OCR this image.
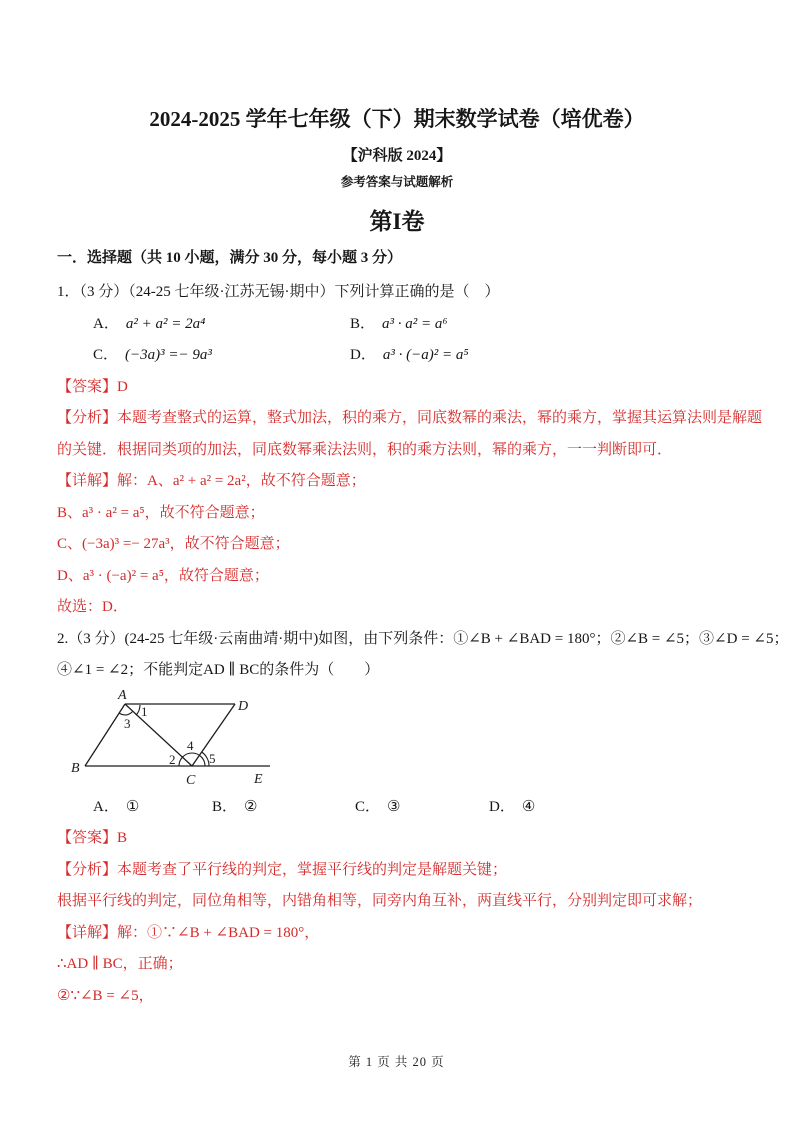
2024-2025 学年七年级（下）期末数学试卷（培优卷）
【沪科版 2024】
参考答案与试题解析
第I卷
一．选择题（共 10 小题，满分 30 分，每小题 3 分）
1．（3 分）（24-25 七年级·江苏无锡·期中）下列计算正确的是（　）
A． a² + a² = 2a⁴	B． a³ · a² = a⁶
C． (−3a)³ =− 9a³	D． a³ · (−a)² = a⁵
【答案】D
【分析】本题考查整式的运算，整式加法，积的乘方，同底数幂的乘法，幂的乘方，掌握其运算法则是解题
的关键．根据同类项的加法，同底数幂乘法法则，积的乘方法则，幂的乘方，一一判断即可．
【详解】解：A、a² + a² = 2a²，故不符合题意；
B、a³ · a² = a⁵，故不符合题意；
C、(−3a)³ =− 27a³，故不符合题意；
D、a³ · (−a)² = a⁵，故符合题意；
故选：D．
2.（3 分）(24-25 七年级·云南曲靖·期中)如图，由下列条件：①∠B + ∠BAD = 180°；②∠B = ∠5；③∠D = ∠5；
④∠1 = ∠2；不能判定AD ∥ BC的条件为（　　）
A
D
B
C	E
1
3
2
4
5
A． ①	B． ②	C． ③	D． ④
【答案】B
【分析】本题考查了平行线的判定，掌握平行线的判定是解题关键；
根据平行线的判定，同位角相等，内错角相等，同旁内角互补，两直线平行，分别判定即可求解；
【详解】解：①∵∠B + ∠BAD = 180°，
∴AD ∥ BC，正确；
②∵∠B = ∠5，
第 1 页 共 20 页
